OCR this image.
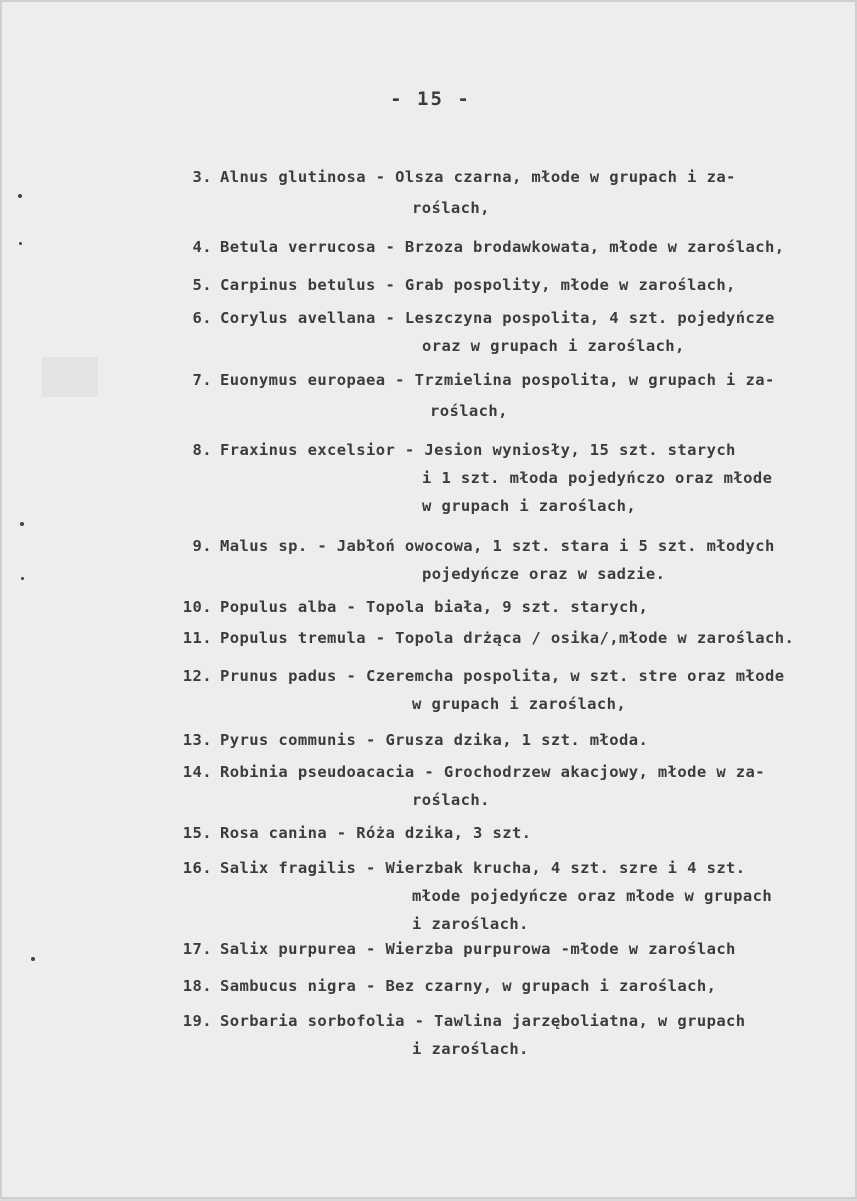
- 15 -
3. Alnus glutinosa - Olsza czarna, młode w grupach i za-
roślach,
4. Betula verrucosa - Brzoza brodawkowata, młode w zaroślach,
5. Carpinus betulus - Grab pospolity, młode w zaroślach,
6. Corylus avellana - Leszczyna pospolita, 4 szt. pojedyńcze
oraz w grupach i zaroślach,
7. Euonymus europaea - Trzmielina pospolita, w grupach i za-
roślach,
8. Fraxinus excelsior - Jesion wyniosły, 15 szt. starych
i 1 szt. młoda pojedyńczo oraz młode
w grupach i zaroślach,
9. Malus sp. - Jabłoń owocowa, 1 szt. stara i 5 szt. młodych
pojedyńcze oraz w sadzie.
10. Populus alba - Topola biała, 9 szt. starych,
11. Populus tremula - Topola drżąca / osika/,młode w zaroślach.
12. Prunus padus - Czeremcha pospolita, w szt. stre oraz młode
w grupach i zaroślach,
13. Pyrus communis - Grusza dzika, 1 szt. młoda.
14. Robinia pseudoacacia - Grochodrzew akacjowy, młode w za-
roślach.
15. Rosa canina - Róża dzika, 3 szt.
16. Salix fragilis - Wierzbak krucha, 4 szt. szre i 4 szt.
młode pojedyńcze oraz młode w grupach
i zaroślach.
17. Salix purpurea - Wierzba purpurowa -młode w zaroślach
18. Sambucus nigra - Bez czarny, w grupach i zaroślach,
19. Sorbaria sorbofolia - Tawlina jarzęboliatna, w grupach
i zaroślach.
